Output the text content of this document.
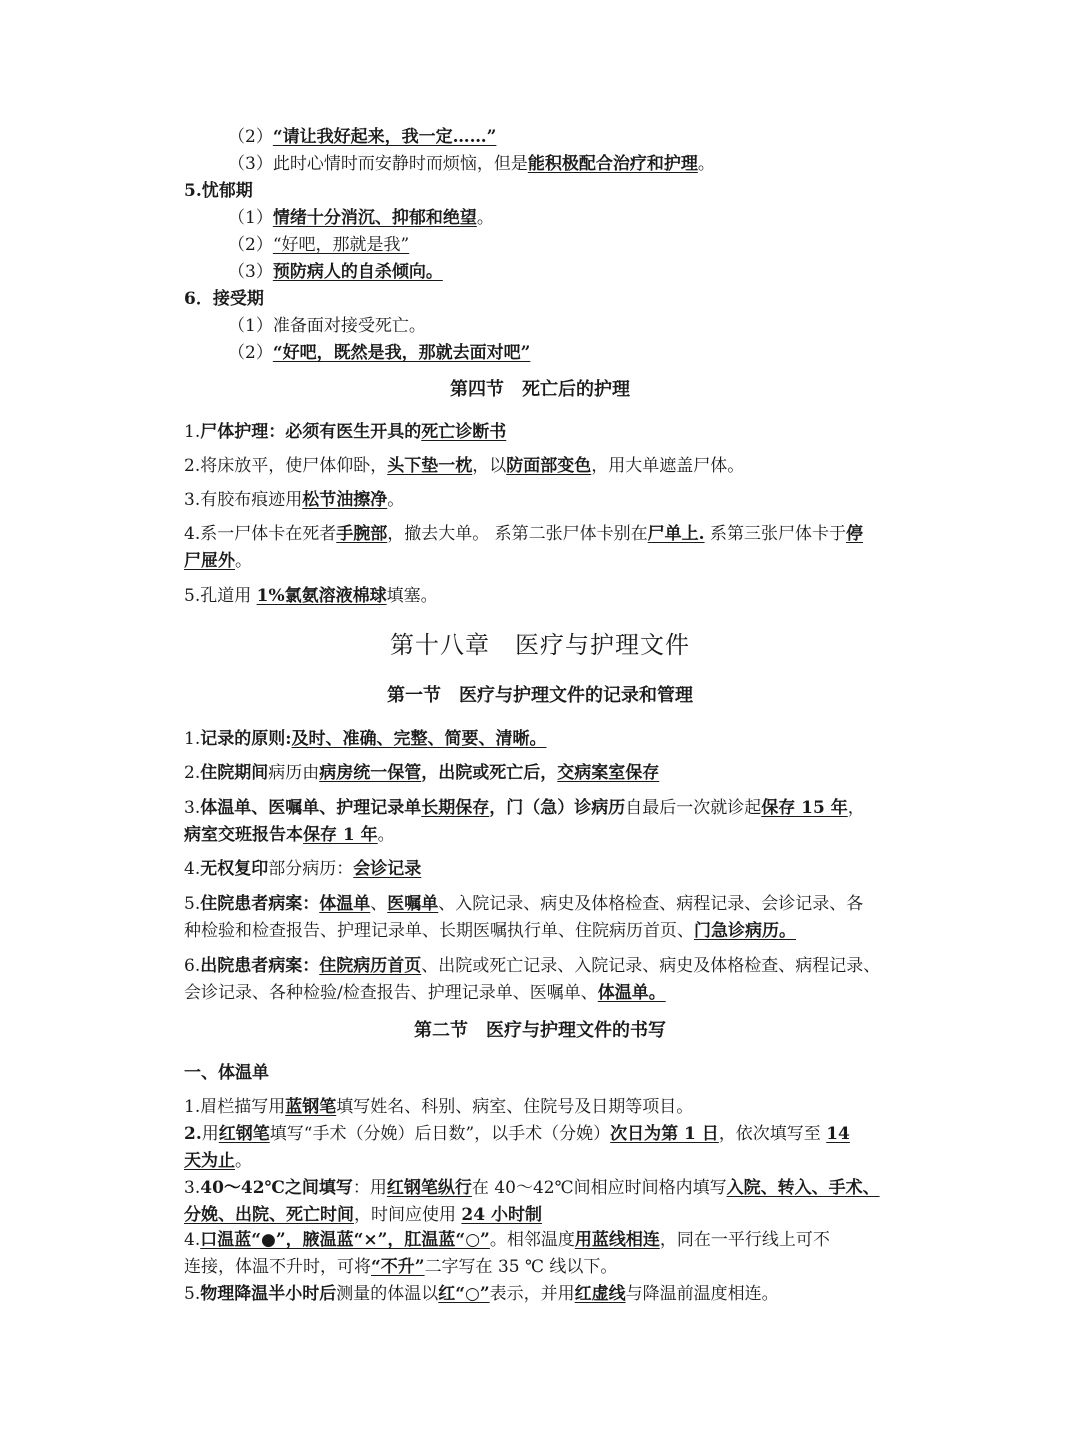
（2）“请让我好起来，我一定……”
（3）此时心情时而安静时而烦恼，但是能积极配合治疗和护理。
5.忧郁期
（1）情绪十分消沉、抑郁和绝望。
（2）“好吧，那就是我”
（3）预防病人的自杀倾向。
6．接受期
（1）准备面对接受死亡。
（2）“好吧，既然是我，那就去面对吧”
第四节　死亡后的护理
1.尸体护理：必须有医生开具的死亡诊断书
2.将床放平，使尸体仰卧，头下垫一枕，以防面部变色，用大单遮盖尸体。
3.有胶布痕迹用松节油擦净。
4.系一尸体卡在死者手腕部，撤去大单。 系第二张尸体卡别在尸单上. 系第三张尸体卡于停
尸屉外。
5.孔道用 1%氯氨溶液棉球填塞。
第十八章　医疗与护理文件
第一节　医疗与护理文件的记录和管理
1.记录的原则:及时、准确、完整、简要、清晰。
2.住院期间病历由病房统一保管，出院或死亡后，交病案室保存
3.体温单、医嘱单、护理记录单长期保存，门（急）诊病历自最后一次就诊起保存 15 年，
病室交班报告本保存 1 年。
4.无权复印部分病历：会诊记录
5.住院患者病案：体温单、医嘱单、入院记录、病史及体格检查、病程记录、会诊记录、各
种检验和检查报告、护理记录单、长期医嘱执行单、住院病历首页、门急诊病历。
6.出院患者病案：住院病历首页、出院或死亡记录、入院记录、病史及体格检查、病程记录、
会诊记录、各种检验/检查报告、护理记录单、医嘱单、体温单。
第二节　医疗与护理文件的书写
一、体温单
1.眉栏描写用蓝钢笔填写姓名、科别、病室、住院号及日期等项目。
2.用红钢笔填写“手术（分娩）后日数”，以手术（分娩）次日为第 1 日，依次填写至 14
天为止。
3.40～42℃之间填写：用红钢笔纵行在 40～42℃间相应时间格内填写入院、转入、手术、
分娩、出院、死亡时间，时间应使用 24 小时制
4.口温蓝“●”，腋温蓝“×”，肛温蓝“○”。相邻温度用蓝线相连，同在一平行线上可不
连接，体温不升时，可将“不升”二字写在 35 ℃ 线以下。
5.物理降温半小时后测量的体温以红“○”表示，并用红虚线与降温前温度相连。
